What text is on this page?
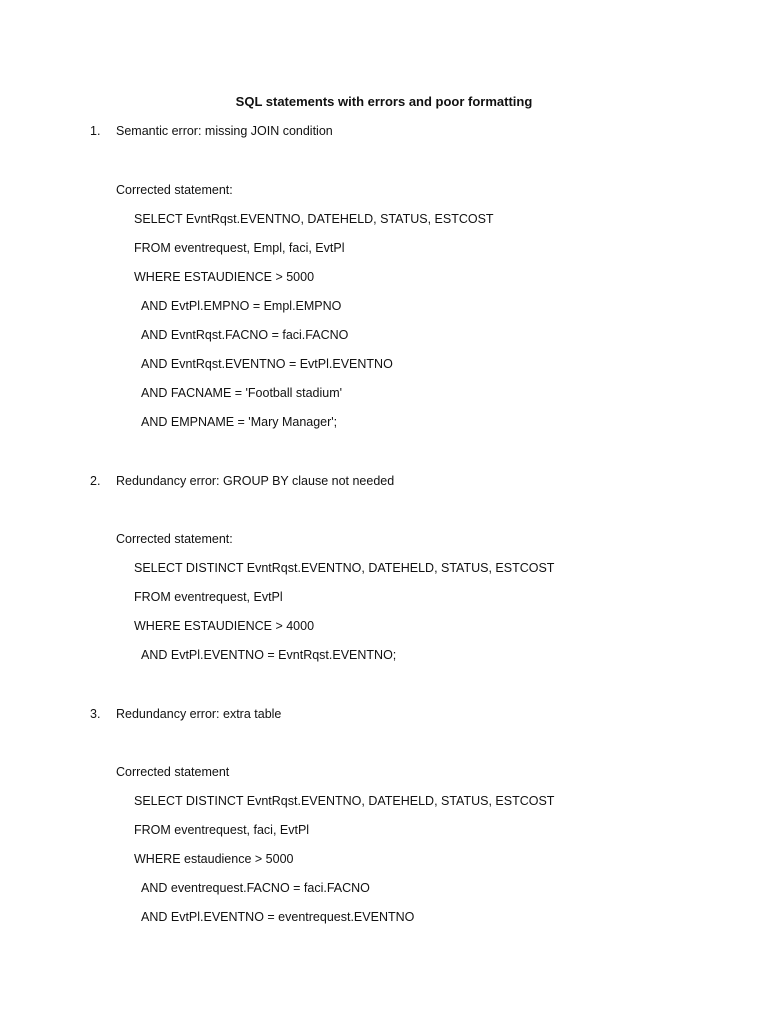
SQL statements with errors and poor formatting
1. Semantic error: missing JOIN condition
Corrected statement:
SELECT EvntRqst.EVENTNO, DATEHELD, STATUS, ESTCOST
FROM eventrequest, Empl, faci, EvtPl
WHERE ESTAUDIENCE > 5000
AND EvtPl.EMPNO = Empl.EMPNO
AND EvntRqst.FACNO = faci.FACNO
AND EvntRqst.EVENTNO = EvtPl.EVENTNO
AND FACNAME = 'Football stadium'
AND EMPNAME = 'Mary Manager';
2. Redundancy error: GROUP BY clause not needed
Corrected statement:
SELECT DISTINCT EvntRqst.EVENTNO, DATEHELD, STATUS, ESTCOST
FROM eventrequest, EvtPl
WHERE ESTAUDIENCE > 4000
AND EvtPl.EVENTNO = EvntRqst.EVENTNO;
3. Redundancy error: extra table
Corrected statement
SELECT DISTINCT EvntRqst.EVENTNO, DATEHELD, STATUS, ESTCOST
FROM eventrequest, faci, EvtPl
WHERE estaudience > 5000
AND eventrequest.FACNO = faci.FACNO
AND EvtPl.EVENTNO = eventrequest.EVENTNO
